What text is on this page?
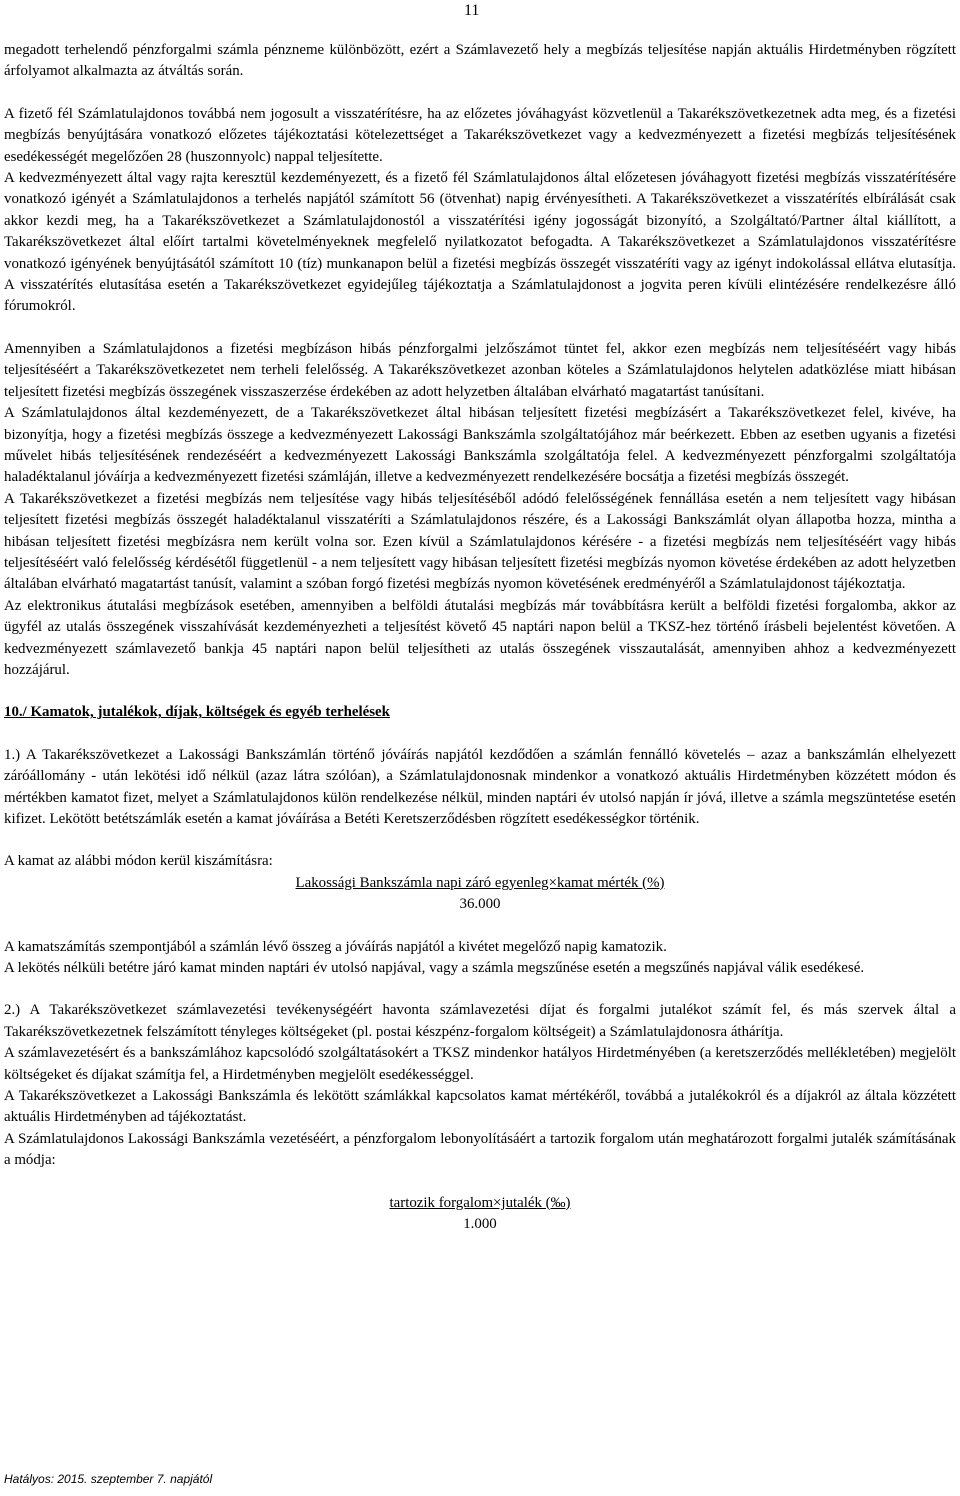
11

megadott terhelendő pénzforgalmi számla pénzneme különbözött, ezért a Számlavezető hely a megbízás teljesítése napján aktuális Hirdetményben rögzített árfolyamot alkalmazta az átváltás során.

A fizető fél Számlatulajdonos továbbá nem jogosult a visszatérítésre, ha az előzetes jóváhagyást közvetlenül a Takarékszövetkezetnek adta meg, és a fizetési megbízás benyújtására vonatkozó előzetes tájékoztatási kötelezettséget a Takarékszövetkezet vagy a kedvezményezett a fizetési megbízás teljesítésének esedékességét megelőzően 28 (huszonnyolc) nappal teljesítette.

A kedvezményezett által vagy rajta keresztül kezdeményezett, és a fizető fél Számlatulajdonos által előzetesen jóváhagyott fizetési megbízás visszatérítésére vonatkozó igényét a Számlatulajdonos a terhelés napjától számított 56 (ötvenhat) napig érvényesítheti. A Takarékszövetkezet a visszatérítés elbírálását csak akkor kezdi meg, ha a Takarékszövetkezet a Számlatulajdonostól a visszatérítési igény jogosságát bizonyító, a Szolgáltató/Partner által kiállított, a Takarékszövetkezet által előírt tartalmi követelményeknek megfelelő nyilatkozatot befogadta. A Takarékszövetkezet a Számlatulajdonos visszatérítésre vonatkozó igényének benyújtásától számított 10 (tíz) munkanapon belül a fizetési megbízás összegét visszatéríti vagy az igényt indokolással ellátva elutasítja. A visszatérítés elutasítása esetén a Takarékszövetkezet egyidejűleg tájékoztatja a Számlatulajdonost a jogvita peren kívüli elintézésére rendelkezésre álló fórumokról.

Amennyiben a Számlatulajdonos a fizetési megbízáson hibás pénzforgalmi jelzőszámot tüntet fel, akkor ezen megbízás nem teljesítéséért vagy hibás teljesítéséért a Takarékszövetkezetet nem terheli felelősség. A Takarékszövetkezet azonban köteles a Számlatulajdonos helytelen adatközlése miatt hibásan teljesített fizetési megbízás összegének visszaszerzése érdekében az adott helyzetben általában elvárható magatartást tanúsítani.

A Számlatulajdonos által kezdeményezett, de a Takarékszövetkezet által hibásan teljesített fizetési megbízásért a Takarékszövetkezet felel, kivéve, ha bizonyítja, hogy a fizetési megbízás összege a kedvezményezett Lakossági Bankszámla szolgáltatójához már beérkezett. Ebben az esetben ugyanis a fizetési művelet hibás teljesítésének rendezéséért a kedvezményezett Lakossági Bankszámla szolgáltatója felel. A kedvezményezett pénzforgalmi szolgáltatója haladéktalanul jóváírja a kedvezményezett fizetési számláján, illetve a kedvezményezett rendelkezésére bocsátja a fizetési megbízás összegét.

A Takarékszövetkezet a fizetési megbízás nem teljesítése vagy hibás teljesítéséből adódó felelősségének fennállása esetén a nem teljesített vagy hibásan teljesített fizetési megbízás összegét haladéktalanul visszatéríti a Számlatulajdonos részére, és a Lakossági Bankszámlát olyan állapotba hozza, mintha a hibásan teljesített fizetési megbízásra nem került volna sor. Ezen kívül a Számlatulajdonos kérésére - a fizetési megbízás nem teljesítéséért vagy hibás teljesítéséért való felelősség kérdésétől függetlenül - a nem teljesített vagy hibásan teljesített fizetési megbízás nyomon követése érdekében az adott helyzetben általában elvárható magatartást tanúsít, valamint a szóban forgó fizetési megbízás nyomon követésének eredményéről a Számlatulajdonost tájékoztatja.

Az elektronikus átutalási megbízások esetében, amennyiben a belföldi átutalási megbízás már továbbításra került a belföldi fizetési forgalomba, akkor az ügyfél az utalás összegének visszahívását kezdeményezheti a teljesítést követő 45 naptári napon belül a TKSZ-hez történő írásbeli bejelentést követően. A kedvezményezett számlavezető bankja 45 naptári napon belül teljesítheti az utalás összegének visszautalását, amennyiben ahhoz a kedvezményezett hozzájárul.

10./ Kamatok, jutalékok, díjak, költségek és egyéb terhelések

1.) A Takarékszövetkezet a Lakossági Bankszámlán történő jóváírás napjától kezdődően a számlán fennálló követelés – azaz a bankszámlán elhelyezett záróállomány - után lekötési idő nélkül (azaz látra szólóan), a Számlatulajdonosnak mindenkor a vonatkozó aktuális Hirdetményben közzétett módon és mértékben kamatot fizet, melyet a Számlatulajdonos külön rendelkezése nélkül, minden naptári év utolsó napján ír jóvá, illetve a számla megszüntetése esetén kifizet. Lekötött betétszámlák esetén a kamat jóváírása a Betéti Keretszerződésben rögzített esedékességkor történik.

A kamat az alábbi módon kerül kiszámításra:

Lakossági Bankszámla napi záró egyenleg×kamat mérték (%)
36.000

A kamatszámítás szempontjából a számlán lévő összeg a jóváírás napjától a kivétet megelőző napig kamatozik.

A lekötés nélküli betétre járó kamat minden naptári év utolsó napjával, vagy a számla megszűnése esetén a megszűnés napjával válik esedékesé.

2.) A Takarékszövetkezet számlavezetési tevékenységéért havonta számlavezetési díjat és forgalmi jutalékot számít fel, és más szervek által a Takarékszövetkezetnek felszámított tényleges költségeket (pl. postai készpénz-forgalom költségeit) a Számlatulajdonosra áthárítja.

A számlavezetésért és a bankszámlához kapcsolódó szolgáltatásokért a TKSZ mindenkor hatályos Hirdetményében (a keretszerződés mellékletében) megjelölt költségeket és díjakat számítja fel, a Hirdetményben megjelölt esedékességgel.

A Takarékszövetkezet a Lakossági Bankszámla és lekötött számlákkal kapcsolatos kamat mértékéről, továbbá a jutalékokról és a díjakról az általa közzétett aktuális Hirdetményben ad tájékoztatást.

A Számlatulajdonos Lakossági Bankszámla vezetéséért, a pénzforgalom lebonyolításáért a tartozik forgalom után meghatározott forgalmi jutalék számításának a módja:

tartozik forgalom×jutalék (‰)
1.000
Hatályos: 2015. szeptember 7. napjától
